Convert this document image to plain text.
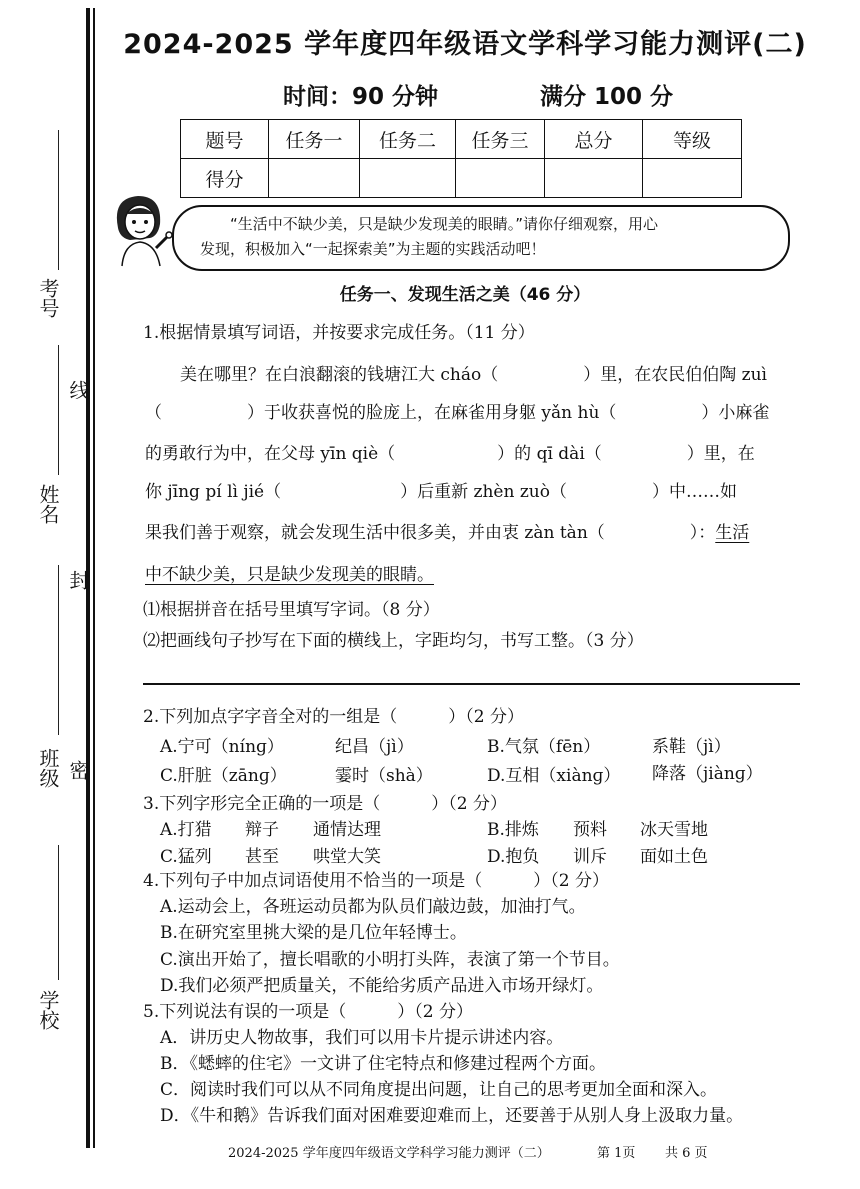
考号
姓名
班级
学校
线
封
密
2024-2025 学年度四年级语文学科学习能力测评(二)
时间：90 分钟	满分 100 分
题号	任务一	任务二	任务三	总分	等级
得分					
“生活中不缺少美，只是缺少发现美的眼睛。”请你仔细观察，用心
发现，积极加入“一起探索美”为主题的实践活动吧！
任务一、发现生活之美（46 分）
1.根据情景填写词语，并按要求完成任务。（11 分）
美在哪里？在白浪翻滚的钱塘江大 cháo（　　　　　）里，在农民伯伯陶 zuì
（　　　　　）于收获喜悦的脸庞上，在麻雀用身躯 yǎn hù（　　　　　）小麻雀
的勇敢行为中，在父母 yīn qiè（　　　　　　）的 qī dài（　　　　　）里，在
你 jīng pí lì jié（　　　　　　　）后重新 zhèn zuò（　　　　　）中……如
果我们善于观察，就会发现生活中很多美，并由衷 zàn tàn（　　　　　）：生活
中不缺少美，只是缺少发现美的眼睛。
⑴根据拼音在括号里填写字词。（8 分）
⑵把画线句子抄写在下面的横线上，字距均匀，书写工整。（3 分）
2.下列加点字字音全对的一组是（　　　）（2 分）
A.宁可（nínɡ）	纪昌（jì）	B.气氛（fēn）	系鞋（jì）
C.肝脏（zānɡ）	霎时（shà）	D.互相（xiànɡ） 降落（jiànɡ）
3.下列字形完全正确的一项是（　　　）（2 分）
A.打猎 辩子 通情达理	B.排炼 预料 冰天雪地
C.猛列 甚至 哄堂大笑	D.抱负 训斥 面如土色
4.下列句子中加点词语使用不恰当的一项是（　　　）（2 分）
A.运动会上，各班运动员都为队员们敲边鼓，加油打气。
B.在研究室里挑大梁的是几位年轻博士。
C.演出开始了，擅长唱歌的小明打头阵，表演了第一个节目。
D.我们必须严把质量关，不能给劣质产品进入市场开绿灯。
5.下列说法有误的一项是（　　　）（2 分）
A．讲历史人物故事，我们可以用卡片提示讲述内容。
B．《蟋蟀的住宅》一文讲了住宅特点和修建过程两个方面。
C．阅读时我们可以从不同角度提出问题，让自己的思考更加全面和深入。
D．《牛和鹅》告诉我们面对困难要迎难而上，还要善于从别人身上汲取力量。
2024-2025 学年度四年级语文学科学习能力测评（二）	第 1页 共 6 页
